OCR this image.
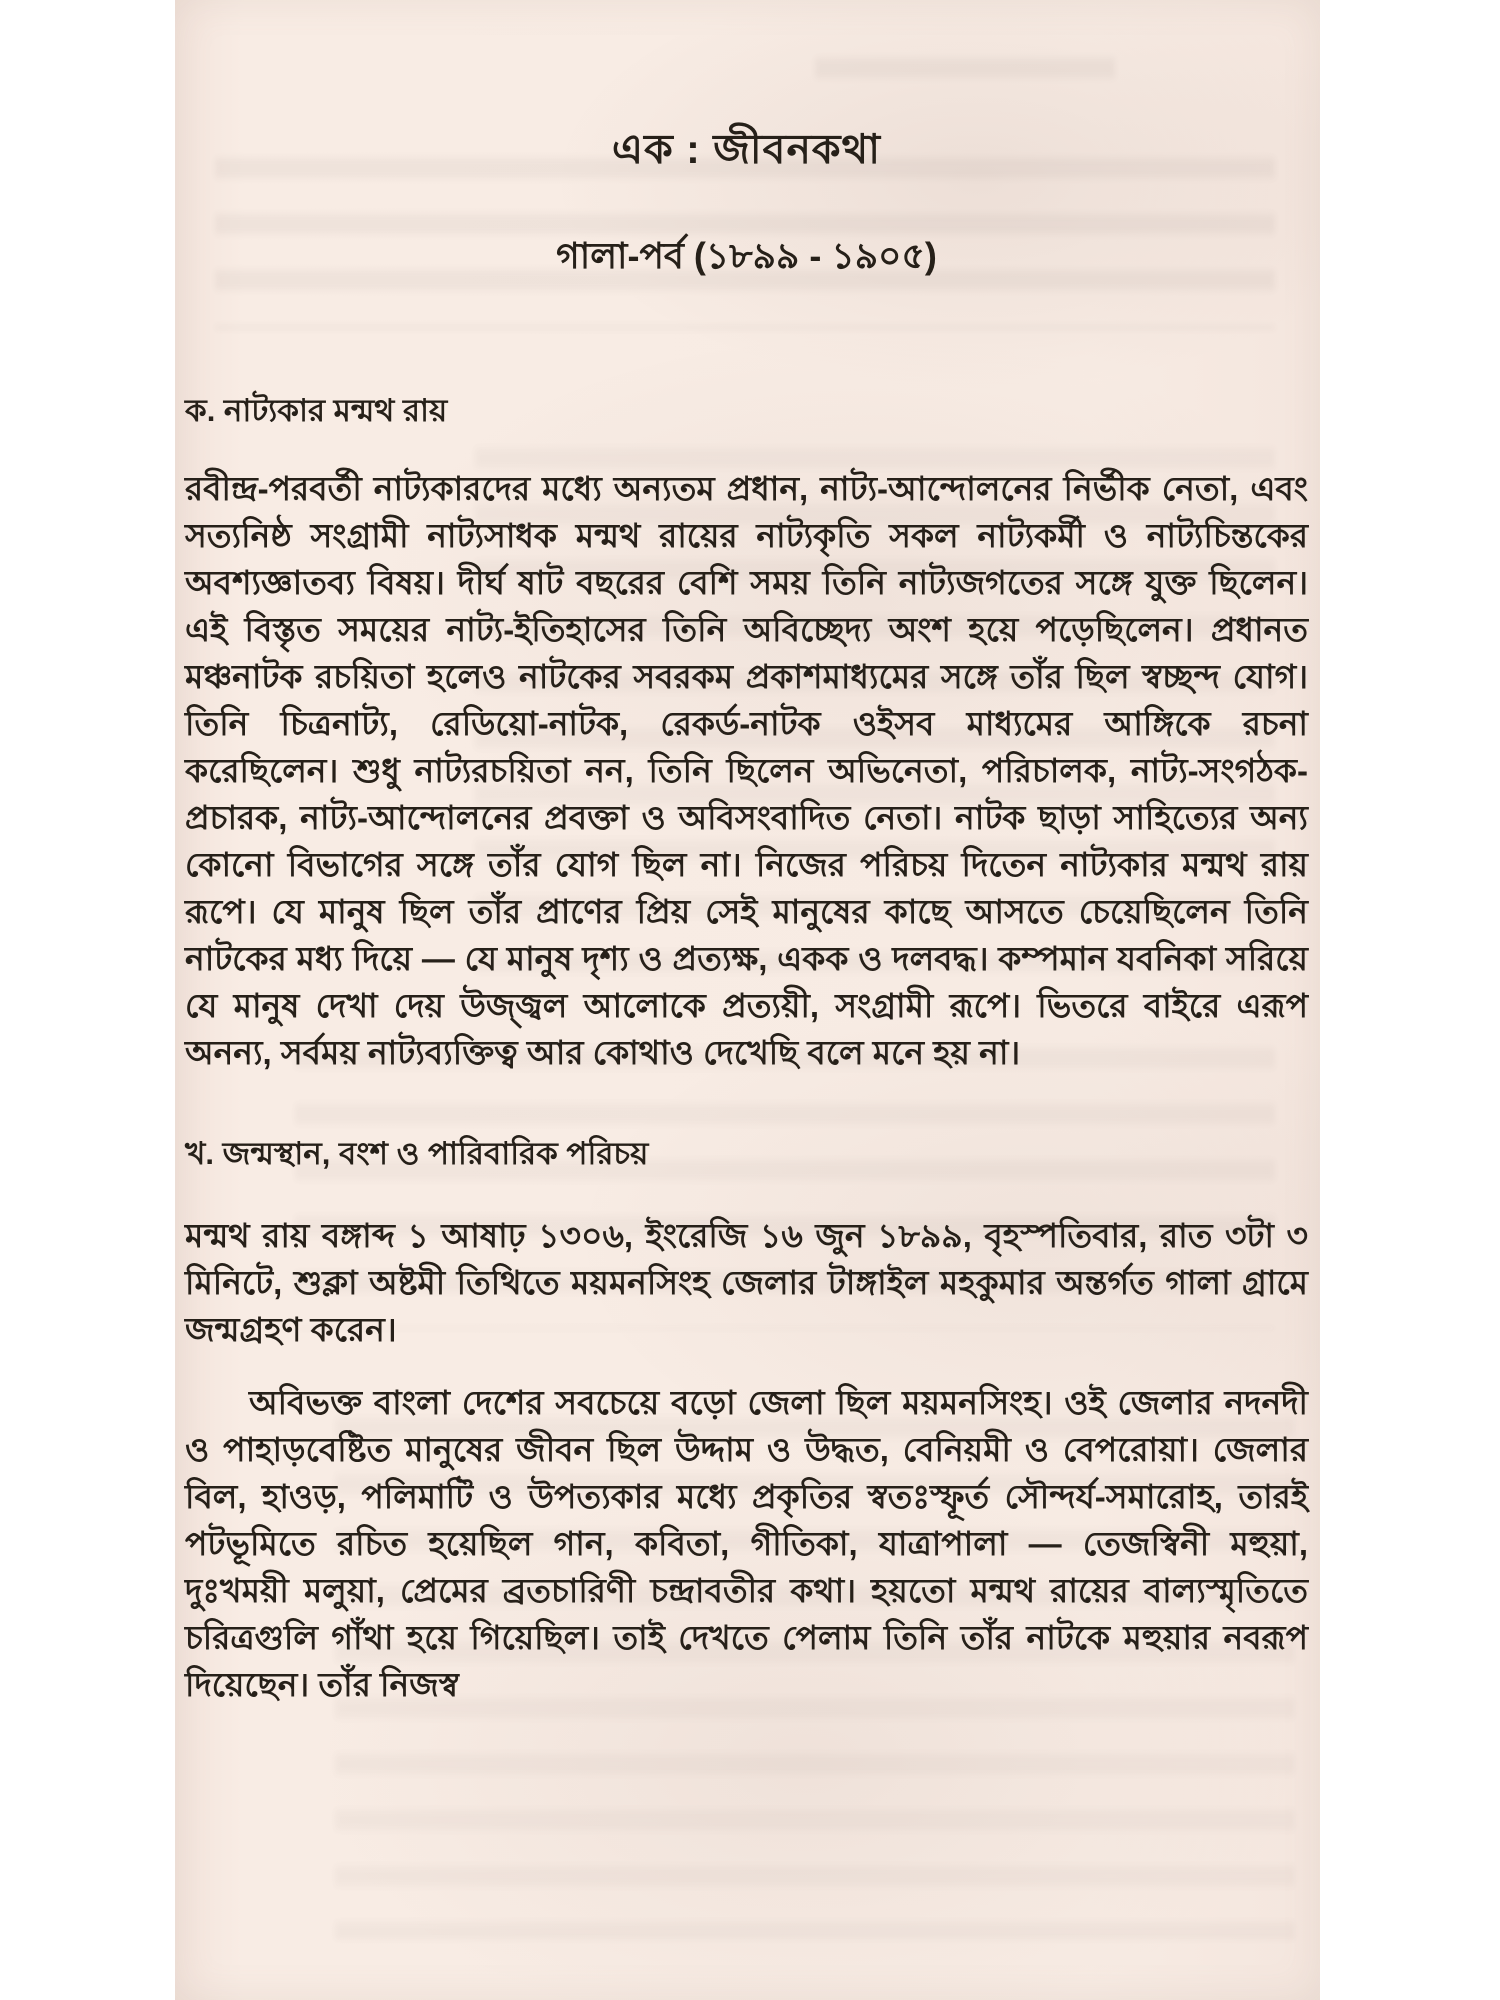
এক : জীবনকথা
গালা-পর্ব (১৮৯৯ - ১৯০৫)
ক. নাট্যকার মন্মথ রায়
রবীন্দ্র-পরবর্তী নাট্যকারদের মধ্যে অন্যতম প্রধান, নাট্য-আন্দোলনের নির্ভীক নেতা, এবং সত্যনিষ্ঠ সংগ্রামী নাট্যসাধক মন্মথ রায়ের নাট্যকৃতি সকল নাট্যকর্মী ও নাট্যচিন্তকের অবশ্যজ্ঞাতব্য বিষয়। দীর্ঘ ষাট বছরের বেশি সময় তিনি নাট্যজগতের সঙ্গে যুক্ত ছিলেন। এই বিস্তৃত সময়ের নাট্য-ইতিহাসের তিনি অবিচ্ছেদ্য অংশ হয়ে পড়েছিলেন। প্রধানত মঞ্চনাটক রচয়িতা হলেও নাটকের সবরকম প্রকাশমাধ্যমের সঙ্গে তাঁর ছিল স্বচ্ছন্দ যোগ। তিনি চিত্রনাট্য, রেডিয়ো-নাটক, রেকর্ড-নাটক ওইসব মাধ্যমের আঙ্গিকে রচনা করেছিলেন। শুধু নাট্যরচয়িতা নন, তিনি ছিলেন অভিনেতা, পরিচালক, নাট্য-সংগঠক-প্রচারক, নাট্য-আন্দোলনের প্রবক্তা ও অবিসংবাদিত নেতা। নাটক ছাড়া সাহিত্যের অন্য কোনো বিভাগের সঙ্গে তাঁর যোগ ছিল না। নিজের পরিচয় দিতেন নাট্যকার মন্মথ রায় রূপে। যে মানুষ ছিল তাঁর প্রাণের প্রিয় সেই মানুষের কাছে আসতে চেয়েছিলেন তিনি নাটকের মধ্য দিয়ে — যে মানুষ দৃশ্য ও প্রত্যক্ষ, একক ও দলবদ্ধ। কম্পমান যবনিকা সরিয়ে যে মানুষ দেখা দেয় উজ্জ্বল আলোকে প্রত্যয়ী, সংগ্রামী রূপে। ভিতরে বাইরে এরূপ অনন্য, সর্বময় নাট্যব্যক্তিত্ব আর কোথাও দেখেছি বলে মনে হয় না।
খ. জন্মস্থান, বংশ ও পারিবারিক পরিচয়
মন্মথ রায় বঙ্গাব্দ ১ আষাঢ় ১৩০৬, ইংরেজি ১৬ জুন ১৮৯৯, বৃহস্পতিবার, রাত ৩টা ৩ মিনিটে, শুক্লা অষ্টমী তিথিতে ময়মনসিংহ জেলার টাঙ্গাইল মহকুমার অন্তর্গত গালা গ্রামে জন্মগ্রহণ করেন।
অবিভক্ত বাংলা দেশের সবচেয়ে বড়ো জেলা ছিল ময়মনসিংহ। ওই জেলার নদনদী ও পাহাড়বেষ্টিত মানুষের জীবন ছিল উদ্দাম ও উদ্ধত, বেনিয়মী ও বেপরোয়া। জেলার বিল, হাওড়, পলিমাটি ও উপত্যকার মধ্যে প্রকৃতির স্বতঃস্ফূর্ত সৌন্দর্য-সমারোহ, তারই পটভূমিতে রচিত হয়েছিল গান, কবিতা, গীতিকা, যাত্রাপালা — তেজস্বিনী মহুয়া, দুঃখময়ী মলুয়া, প্রেমের ব্রতচারিণী চন্দ্রাবতীর কথা। হয়তো মন্মথ রায়ের বাল্যস্মৃতিতে চরিত্রগুলি গাঁথা হয়ে গিয়েছিল। তাই দেখতে পেলাম তিনি তাঁর নাটকে মহুয়ার নবরূপ দিয়েছেন। তাঁর নিজস্ব
